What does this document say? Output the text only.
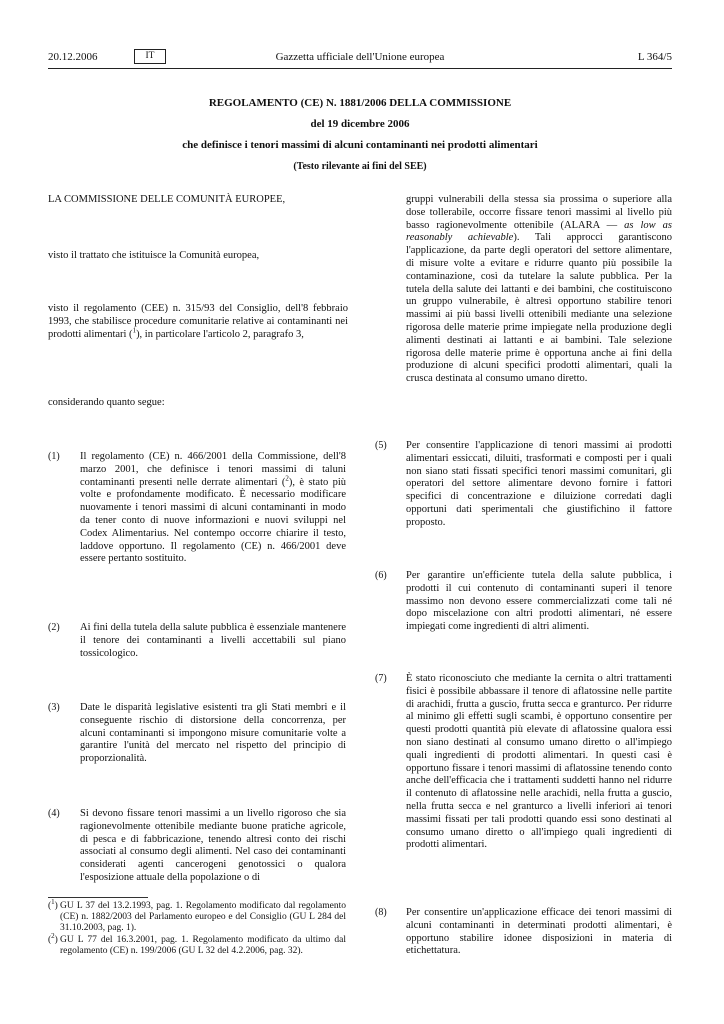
20.12.2006	IT	Gazzetta ufficiale dell'Unione europea	L 364/5
REGOLAMENTO (CE) N. 1881/2006 DELLA COMMISSIONE
del 19 dicembre 2006
che definisce i tenori massimi di alcuni contaminanti nei prodotti alimentari
(Testo rilevante ai fini del SEE)

LA COMMISSIONE DELLE COMUNITÀ EUROPEE,

visto il trattato che istituisce la Comunità europea,

visto il regolamento (CEE) n. 315/93 del Consiglio, dell'8 febbraio 1993, che stabilisce procedure comunitarie relative ai contaminanti nei prodotti alimentari ($^1$), in particolare l'articolo 2, paragrafo 3,

considerando quanto segue:

(1) Il regolamento (CE) n. 466/2001 della Commissione, dell'8 marzo 2001, che definisce i tenori massimi di taluni contaminanti presenti nelle derrate alimentari ($^2$), è stato più volte e profondamente modificato. È necessario modificare nuovamente i tenori massimi di alcuni contaminanti in modo da tener conto di nuove informazioni e nuovi sviluppi nel Codex Alimentarius. Nel contempo occorre chiarire il testo, laddove opportuno. Il regolamento (CE) n. 466/2001 deve essere pertanto sostituito.

(2) Ai fini della tutela della salute pubblica è essenziale mantenere il tenore dei contaminanti a livelli accettabili sul piano tossicologico.

(3) Date le disparità legislative esistenti tra gli Stati membri e il conseguente rischio di distorsione della concorrenza, per alcuni contaminanti si impongono misure comunitarie volte a garantire l'unità del mercato nel rispetto del principio di proporzionalità.

(4) Si devono fissare tenori massimi a un livello rigoroso che sia ragionevolmente ottenibile mediante buone pratiche agricole, di pesca e di fabbricazione, tenendo altresì conto dei rischi associati al consumo degli alimenti. Nel caso dei contaminanti considerati agenti cancerogeni genotossici o qualora l'esposizione attuale della popolazione o di

($^1$) GU L 37 del 13.2.1993, pag. 1. Regolamento modificato dal regolamento (CE) n. 1882/2003 del Parlamento europeo e del Consiglio (GU L 284 del 31.10.2003, pag. 1).
($^2$) GU L 77 del 16.3.2001, pag. 1. Regolamento modificato da ultimo dal regolamento (CE) n. 199/2006 (GU L 32 del 4.2.2006, pag. 32).

gruppi vulnerabili della stessa sia prossima o superiore alla dose tollerabile, occorre fissare tenori massimi al livello più basso ragionevolmente ottenibile (ALARA — as low as reasonably achievable). Tali approcci garantiscono l'applicazione, da parte degli operatori del settore alimentare, di misure volte a evitare e ridurre quanto più possibile la contaminazione, così da tutelare la salute pubblica. Per la tutela della salute dei lattanti e dei bambini, che costituiscono un gruppo vulnerabile, è altresì opportuno stabilire tenori massimi ai più bassi livelli ottenibili mediante una selezione rigorosa delle materie prime impiegate nella produzione degli alimenti destinati ai lattanti e ai bambini. Tale selezione rigorosa delle materie prime è opportuna anche ai fini della produzione di alcuni specifici prodotti alimentari, quali la crusca destinata al consumo umano diretto.

(5) Per consentire l'applicazione di tenori massimi ai prodotti alimentari essiccati, diluiti, trasformati e composti per i quali non siano stati fissati specifici tenori massimi comunitari, gli operatori del settore alimentare devono fornire i fattori specifici di concentrazione e diluizione corredati dagli opportuni dati sperimentali che giustifichino il fattore proposto.

(6) Per garantire un'efficiente tutela della salute pubblica, i prodotti il cui contenuto di contaminanti superi il tenore massimo non devono essere commercializzati come tali né dopo miscelazione con altri prodotti alimentari, né essere impiegati come ingredienti di altri alimenti.

(7) È stato riconosciuto che mediante la cernita o altri trattamenti fisici è possibile abbassare il tenore di aflatossine nelle partite di arachidi, frutta a guscio, frutta secca e granturco. Per ridurre al minimo gli effetti sugli scambi, è opportuno consentire per questi prodotti quantità più elevate di aflatossine qualora essi non siano destinati al consumo umano diretto o all'impiego quali ingredienti di prodotti alimentari. In questi casi è opportuno fissare i tenori massimi di aflatossine tenendo conto anche dell'efficacia che i trattamenti suddetti hanno nel ridurre il contenuto di aflatossine nelle arachidi, nella frutta a guscio, nella frutta secca e nel granturco a livelli inferiori ai tenori massimi fissati per tali prodotti quando essi sono destinati al consumo umano diretto o all'impiego quali ingredienti di prodotti alimentari.

(8) Per consentire un'applicazione efficace dei tenori massimi di alcuni contaminanti in determinati prodotti alimentari, è opportuno stabilire idonee disposizioni in materia di etichettatura.
